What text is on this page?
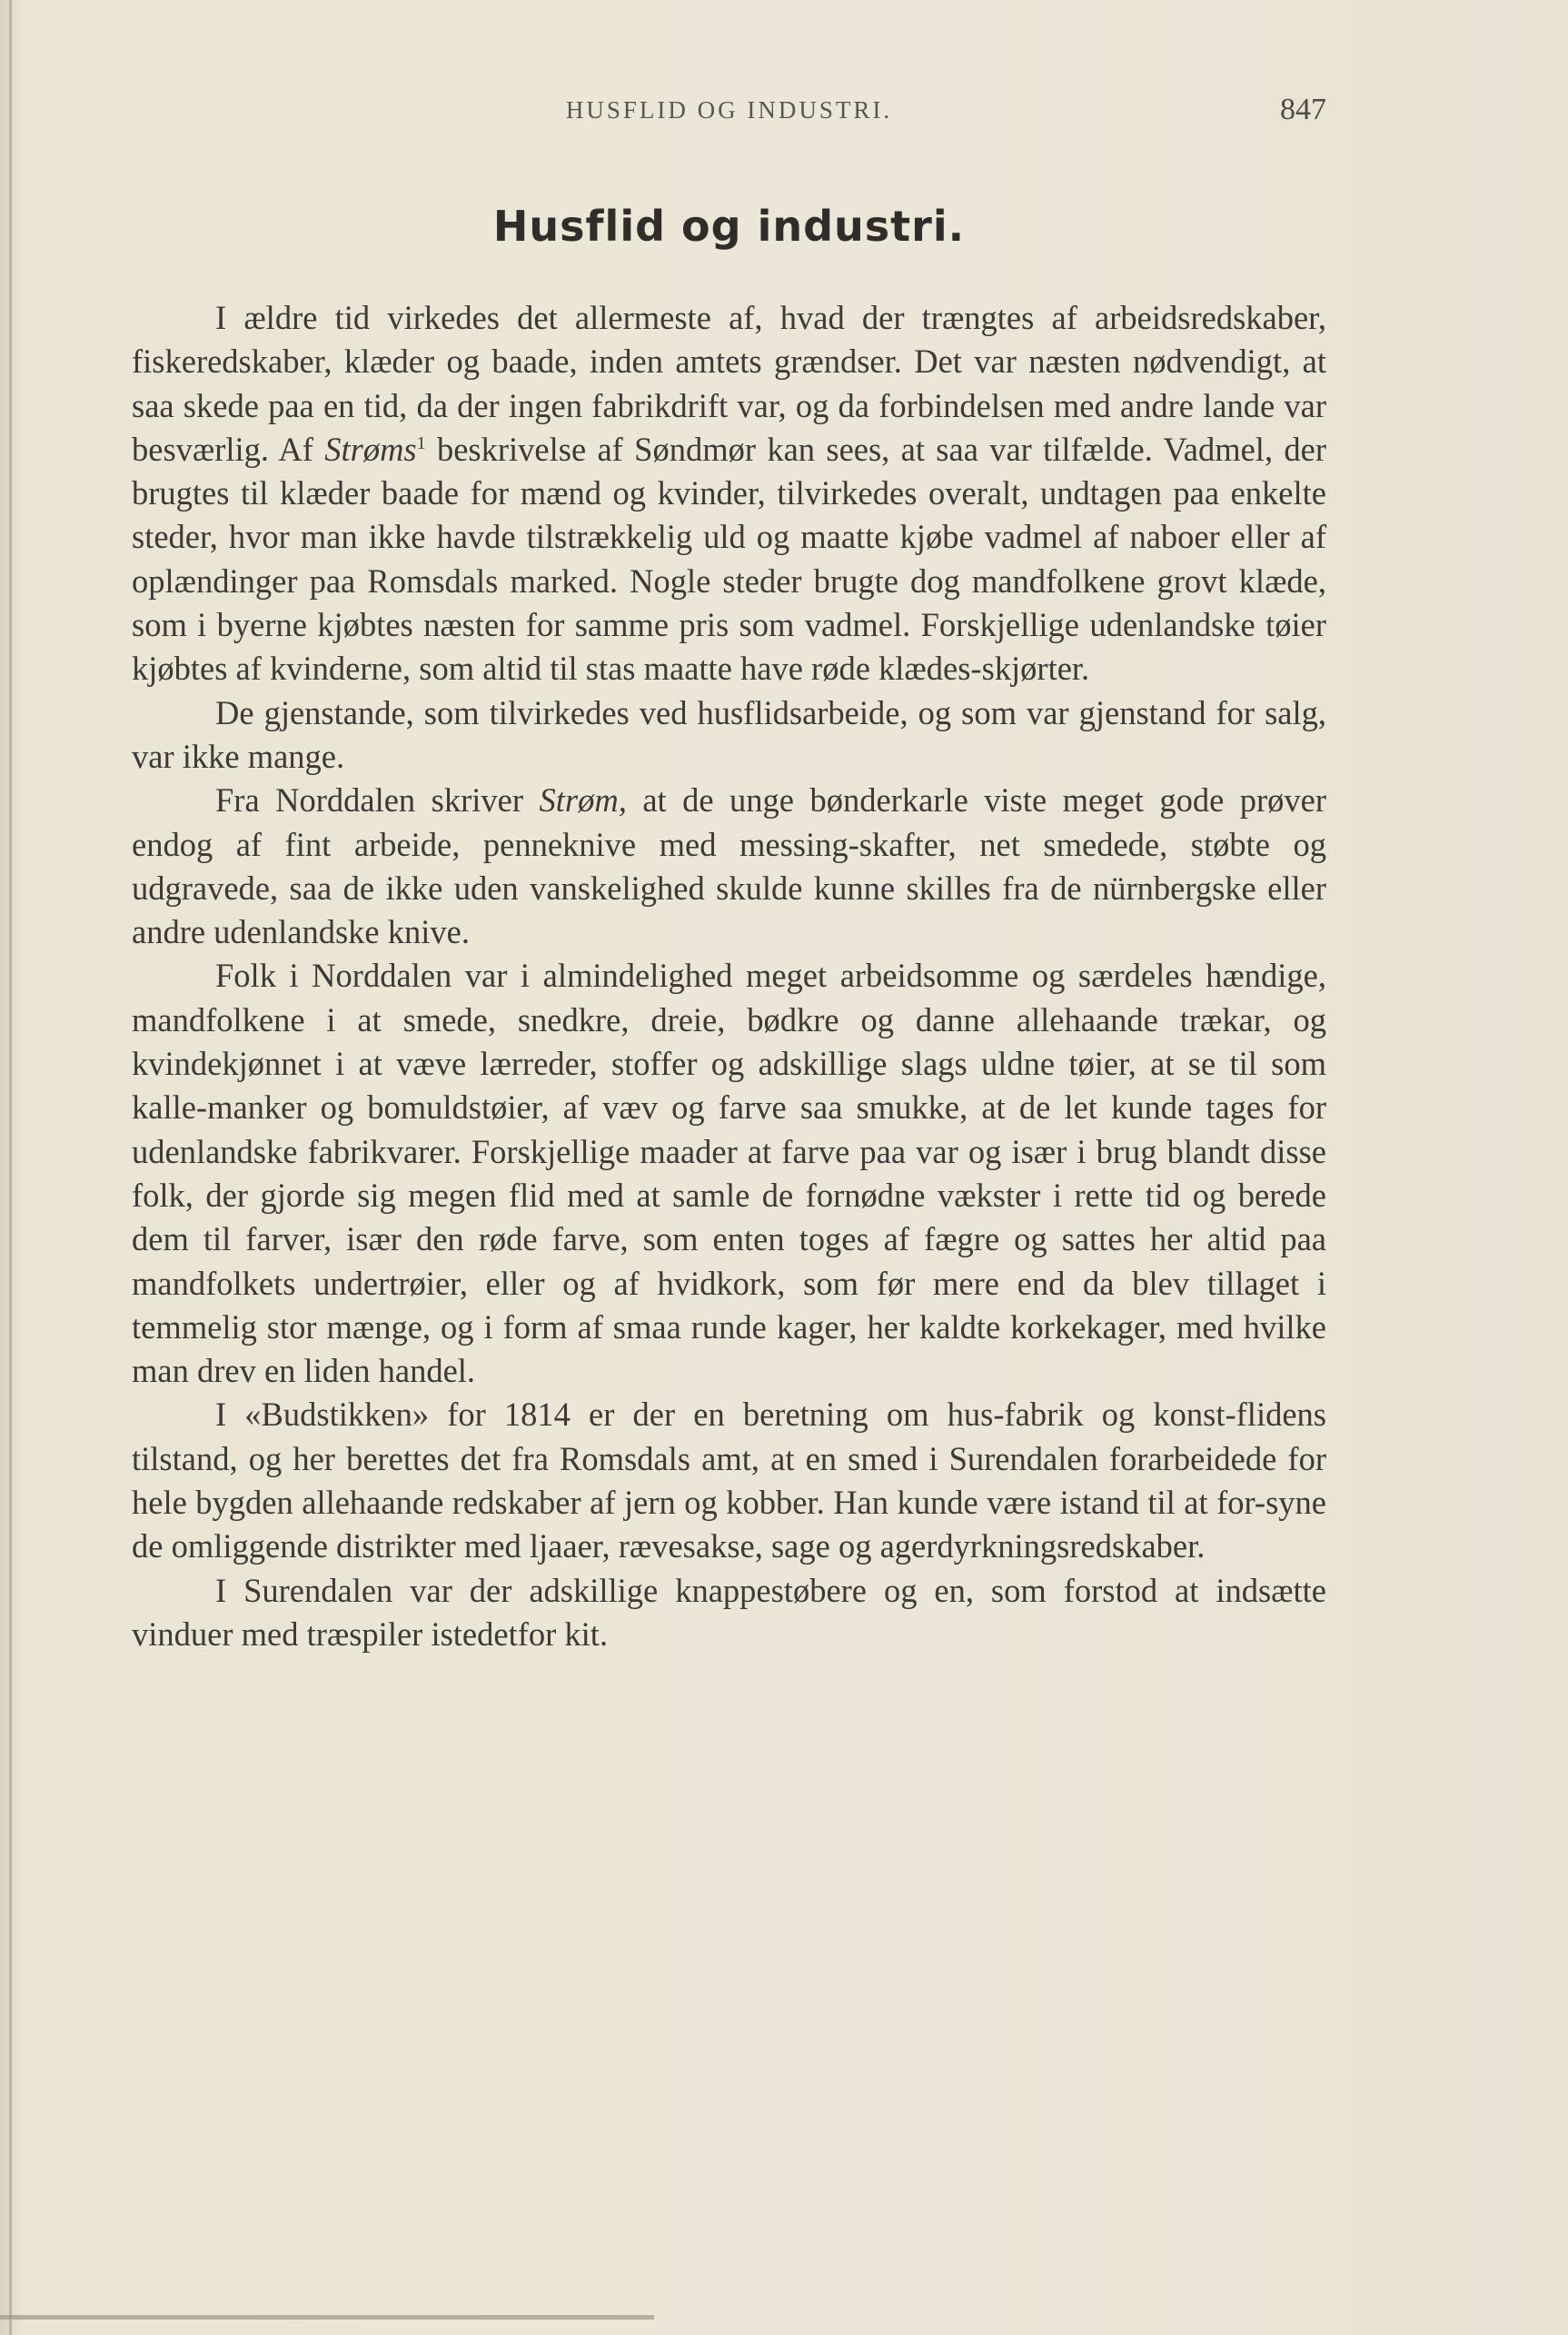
HUSFLID OG INDUSTRI.	847
Husflid og industri.

I ældre tid virkedes det allermeste af, hvad der trængtes af arbeidsredskaber, fiskeredskaber, klæder og baade, inden amtets grændser. Det var næsten nødvendigt, at saa skede paa en tid, da der ingen fabrikdrift var, og da forbindelsen med andre lande var besværlig. Af Strøms$^1$ beskrivelse af Søndmør kan sees, at saa var tilfælde. Vadmel, der brugtes til klæder baade for mænd og kvinder, tilvirkedes overalt, undtagen paa enkelte steder, hvor man ikke havde tilstrækkelig uld og maatte kjøbe vadmel af naboer eller af oplændinger paa Romsdals marked. Nogle steder brugte dog mandfolkene grovt klæde, som i byerne kjøbtes næsten for samme pris som vadmel. Forskjellige udenlandske tøier kjøbtes af kvinderne, som altid til stas maatte have røde klædes-skjørter.

De gjenstande, som tilvirkedes ved husflidsarbeide, og som var gjenstand for salg, var ikke mange.

Fra Norddalen skriver Strøm, at de unge bønderkarle viste meget gode prøver endog af fint arbeide, penneknive med messing-skafter, net smedede, støbte og udgravede, saa de ikke uden vanskelighed skulde kunne skilles fra de nürnbergske eller andre udenlandske knive.

Folk i Norddalen var i almindelighed meget arbeidsomme og særdeles hændige, mandfolkene i at smede, snedkre, dreie, bødkre og danne allehaande trækar, og kvindekjønnet i at væve lærreder, stoffer og adskillige slags uldne tøier, at se til som kalle-manker og bomuldstøier, af væv og farve saa smukke, at de let kunde tages for udenlandske fabrikvarer. Forskjellige maader at farve paa var og især i brug blandt disse folk, der gjorde sig megen flid med at samle de fornødne vækster i rette tid og berede dem til farver, især den røde farve, som enten toges af fægre og sattes her altid paa mandfolkets undertrøier, eller og af hvidkork, som før mere end da blev tillaget i temmelig stor mænge, og i form af smaa runde kager, her kaldte korkekager, med hvilke man drev en liden handel.

I «Budstikken» for 1814 er der en beretning om hus-fabrik og konst-flidens tilstand, og her berettes det fra Romsdals amt, at en smed i Surendalen forarbeidede for hele bygden allehaande redskaber af jern og kobber. Han kunde være istand til at for-syne de omliggende distrikter med ljaaer, rævesakse, sage og agerdyrkningsredskaber.

I Surendalen var der adskillige knappestøbere og en, som forstod at indsætte vinduer med træspiler istedetfor kit.
